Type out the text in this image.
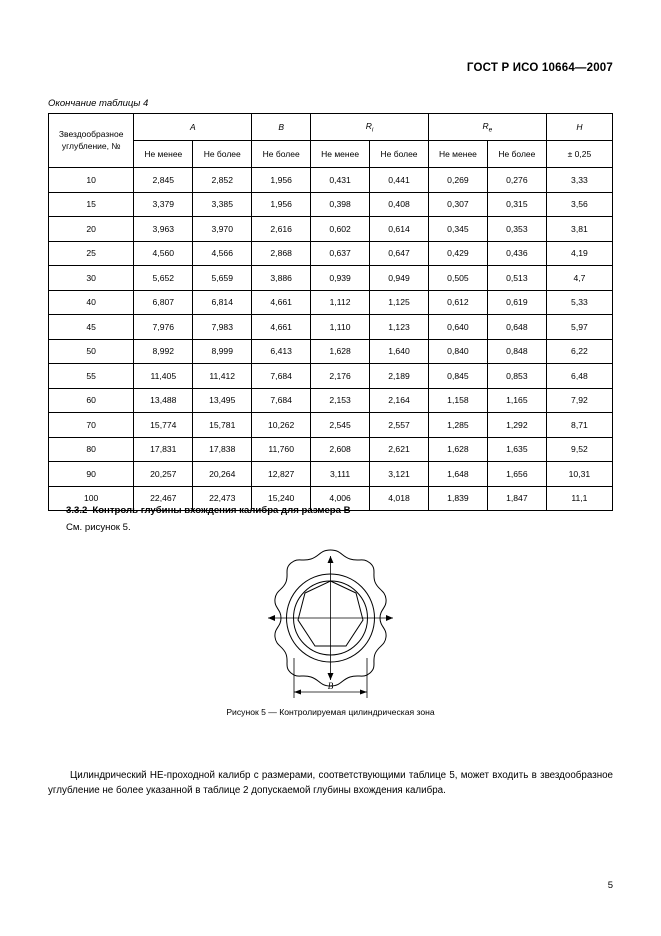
ГОСТ Р ИСО 10664—2007
Окончание таблицы 4
Звездообразное углубление, №	A		B	$R_i$		$R_e$		H
	Не менее	Не более	Не более	Не менее	Не более	Не менее	Не более	± 0,25
10	2,845	2,852	1,956	0,431	0,441	0,269	0,276	3,33
15	3,379	3,385	1,956	0,398	0,408	0,307	0,315	3,56
20	3,963	3,970	2,616	0,602	0,614	0,345	0,353	3,81
25	4,560	4,566	2,868	0,637	0,647	0,429	0,436	4,19
30	5,652	5,659	3,886	0,939	0,949	0,505	0,513	4,7
40	6,807	6,814	4,661	1,112	1,125	0,612	0,619	5,33
45	7,976	7,983	4,661	1,110	1,123	0,640	0,648	5,97
50	8,992	8,999	6,413	1,628	1,640	0,840	0,848	6,22
55	11,405	11,412	7,684	2,176	2,189	0,845	0,853	6,48
60	13,488	13,495	7,684	2,153	2,164	1,158	1,165	7,92
70	15,774	15,781	10,262	2,545	2,557	1,285	1,292	8,71
80	17,831	17,838	11,760	2,608	2,621	1,628	1,635	9,52
90	20,257	20,264	12,827	3,111	3,121	1,648	1,656	10,31
100	22,467	22,473	15,240	4,006	4,018	1,839	1,847	11,1
3.3.2 Контроль глубины вхождения калибра для размера B
См. рисунок 5.
B
Рисунок 5 — Контролируемая цилиндрическая зона
Цилиндрический НЕ-проходной калибр с размерами, соответствующими таблице 5, может входить в звездообразное углубление не более указанной в таблице 2 допускаемой глубины вхождения калибра.
5
